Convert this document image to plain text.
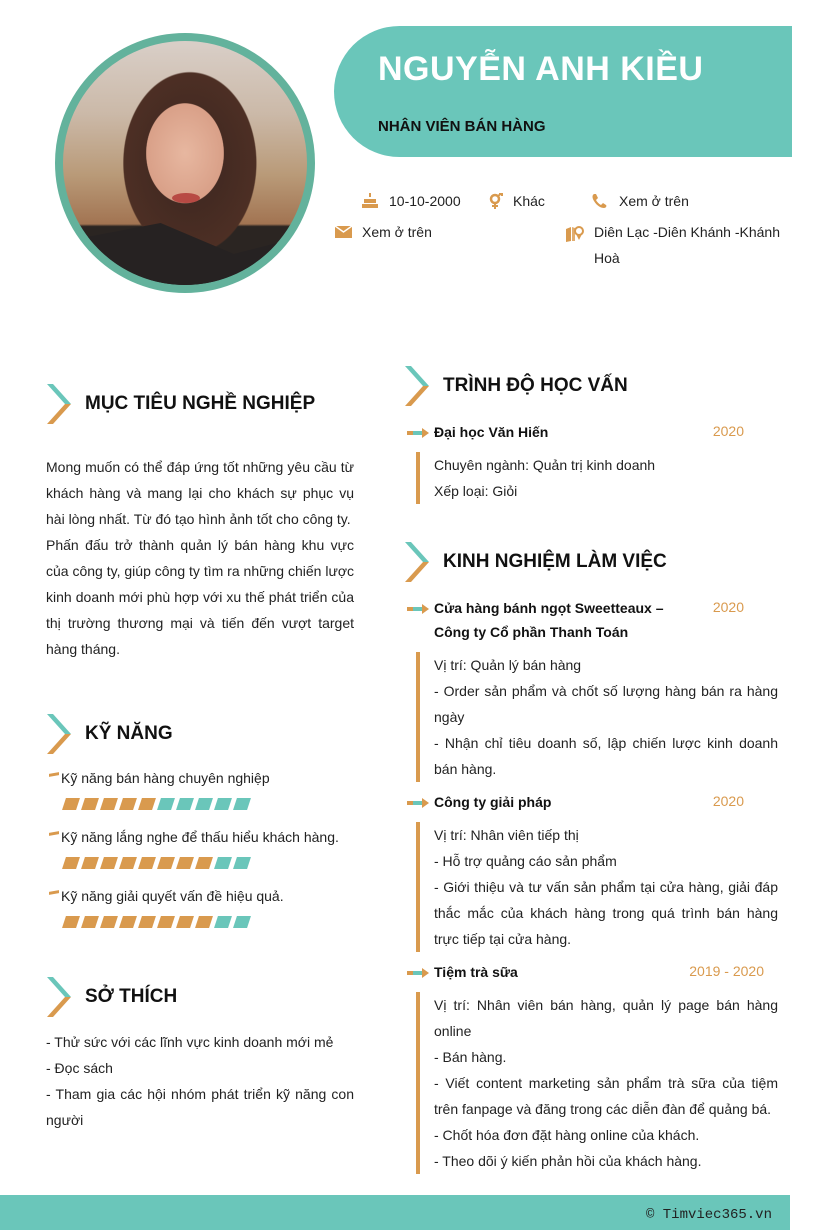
NGUYỄN ANH KIỀU
NHÂN VIÊN BÁN HÀNG
10-10-2000	Khác	Xem ở trên
Xem ở trên	Diên Lạc -Diên Khánh -Khánh
Hoà
MỤC TIÊU NGHỀ NGHIỆP
Mong muốn có thể đáp ứng tốt những yêu cầu từ khách hàng và mang lại cho khách sự phục vụ hài lòng nhất. Từ đó tạo hình ảnh tốt cho công ty.
Phấn đấu trở thành quản lý bán hàng khu vực của công ty, giúp công ty tìm ra những chiến lược kinh doanh mới phù hợp với xu thế phát triển của thị trường thương mại và tiến đến vượt target hàng tháng.
KỸ NĂNG
Kỹ năng bán hàng chuyên nghiệp
Kỹ năng lắng nghe để thấu hiểu khách hàng.
Kỹ năng giải quyết vấn đề hiệu quả.
SỞ THÍCH
- Thử sức với các lĩnh vực kinh doanh mới mẻ
- Đọc sách
- Tham gia các hội nhóm phát triển kỹ năng con người
TRÌNH ĐỘ HỌC VẤN
Đại học Văn Hiến	2020
Chuyên ngành: Quản trị kinh doanh
Xếp loại: Giỏi
KINH NGHIỆM LÀM VIỆC
Cửa hàng bánh ngọt Sweetteaux – Công ty Cổ phần Thanh Toán
2020
Vị trí: Quản lý bán hàng
- Order sản phẩm và chốt số lượng hàng bán ra hàng ngày
- Nhận chỉ tiêu doanh số, lập chiến lược kinh doanh bán hàng.
Công ty giải pháp	2020
Vị trí: Nhân viên tiếp thị
- Hỗ trợ quảng cáo sản phẩm
- Giới thiệu và tư vấn sản phẩm tại cửa hàng, giải đáp thắc mắc của khách hàng trong quá trình bán hàng trực tiếp tại cửa hàng.
Tiệm trà sữa	2019 - 2020
Vị trí: Nhân viên bán hàng, quản lý page bán hàng online
- Bán hàng.
- Viết content marketing sản phẩm trà sữa của tiệm trên fanpage và đăng trong các diễn đàn để quảng bá.
- Chốt hóa đơn đặt hàng online của khách.
- Theo dõi ý kiến phản hồi của khách hàng.
© Timviec365.vn
